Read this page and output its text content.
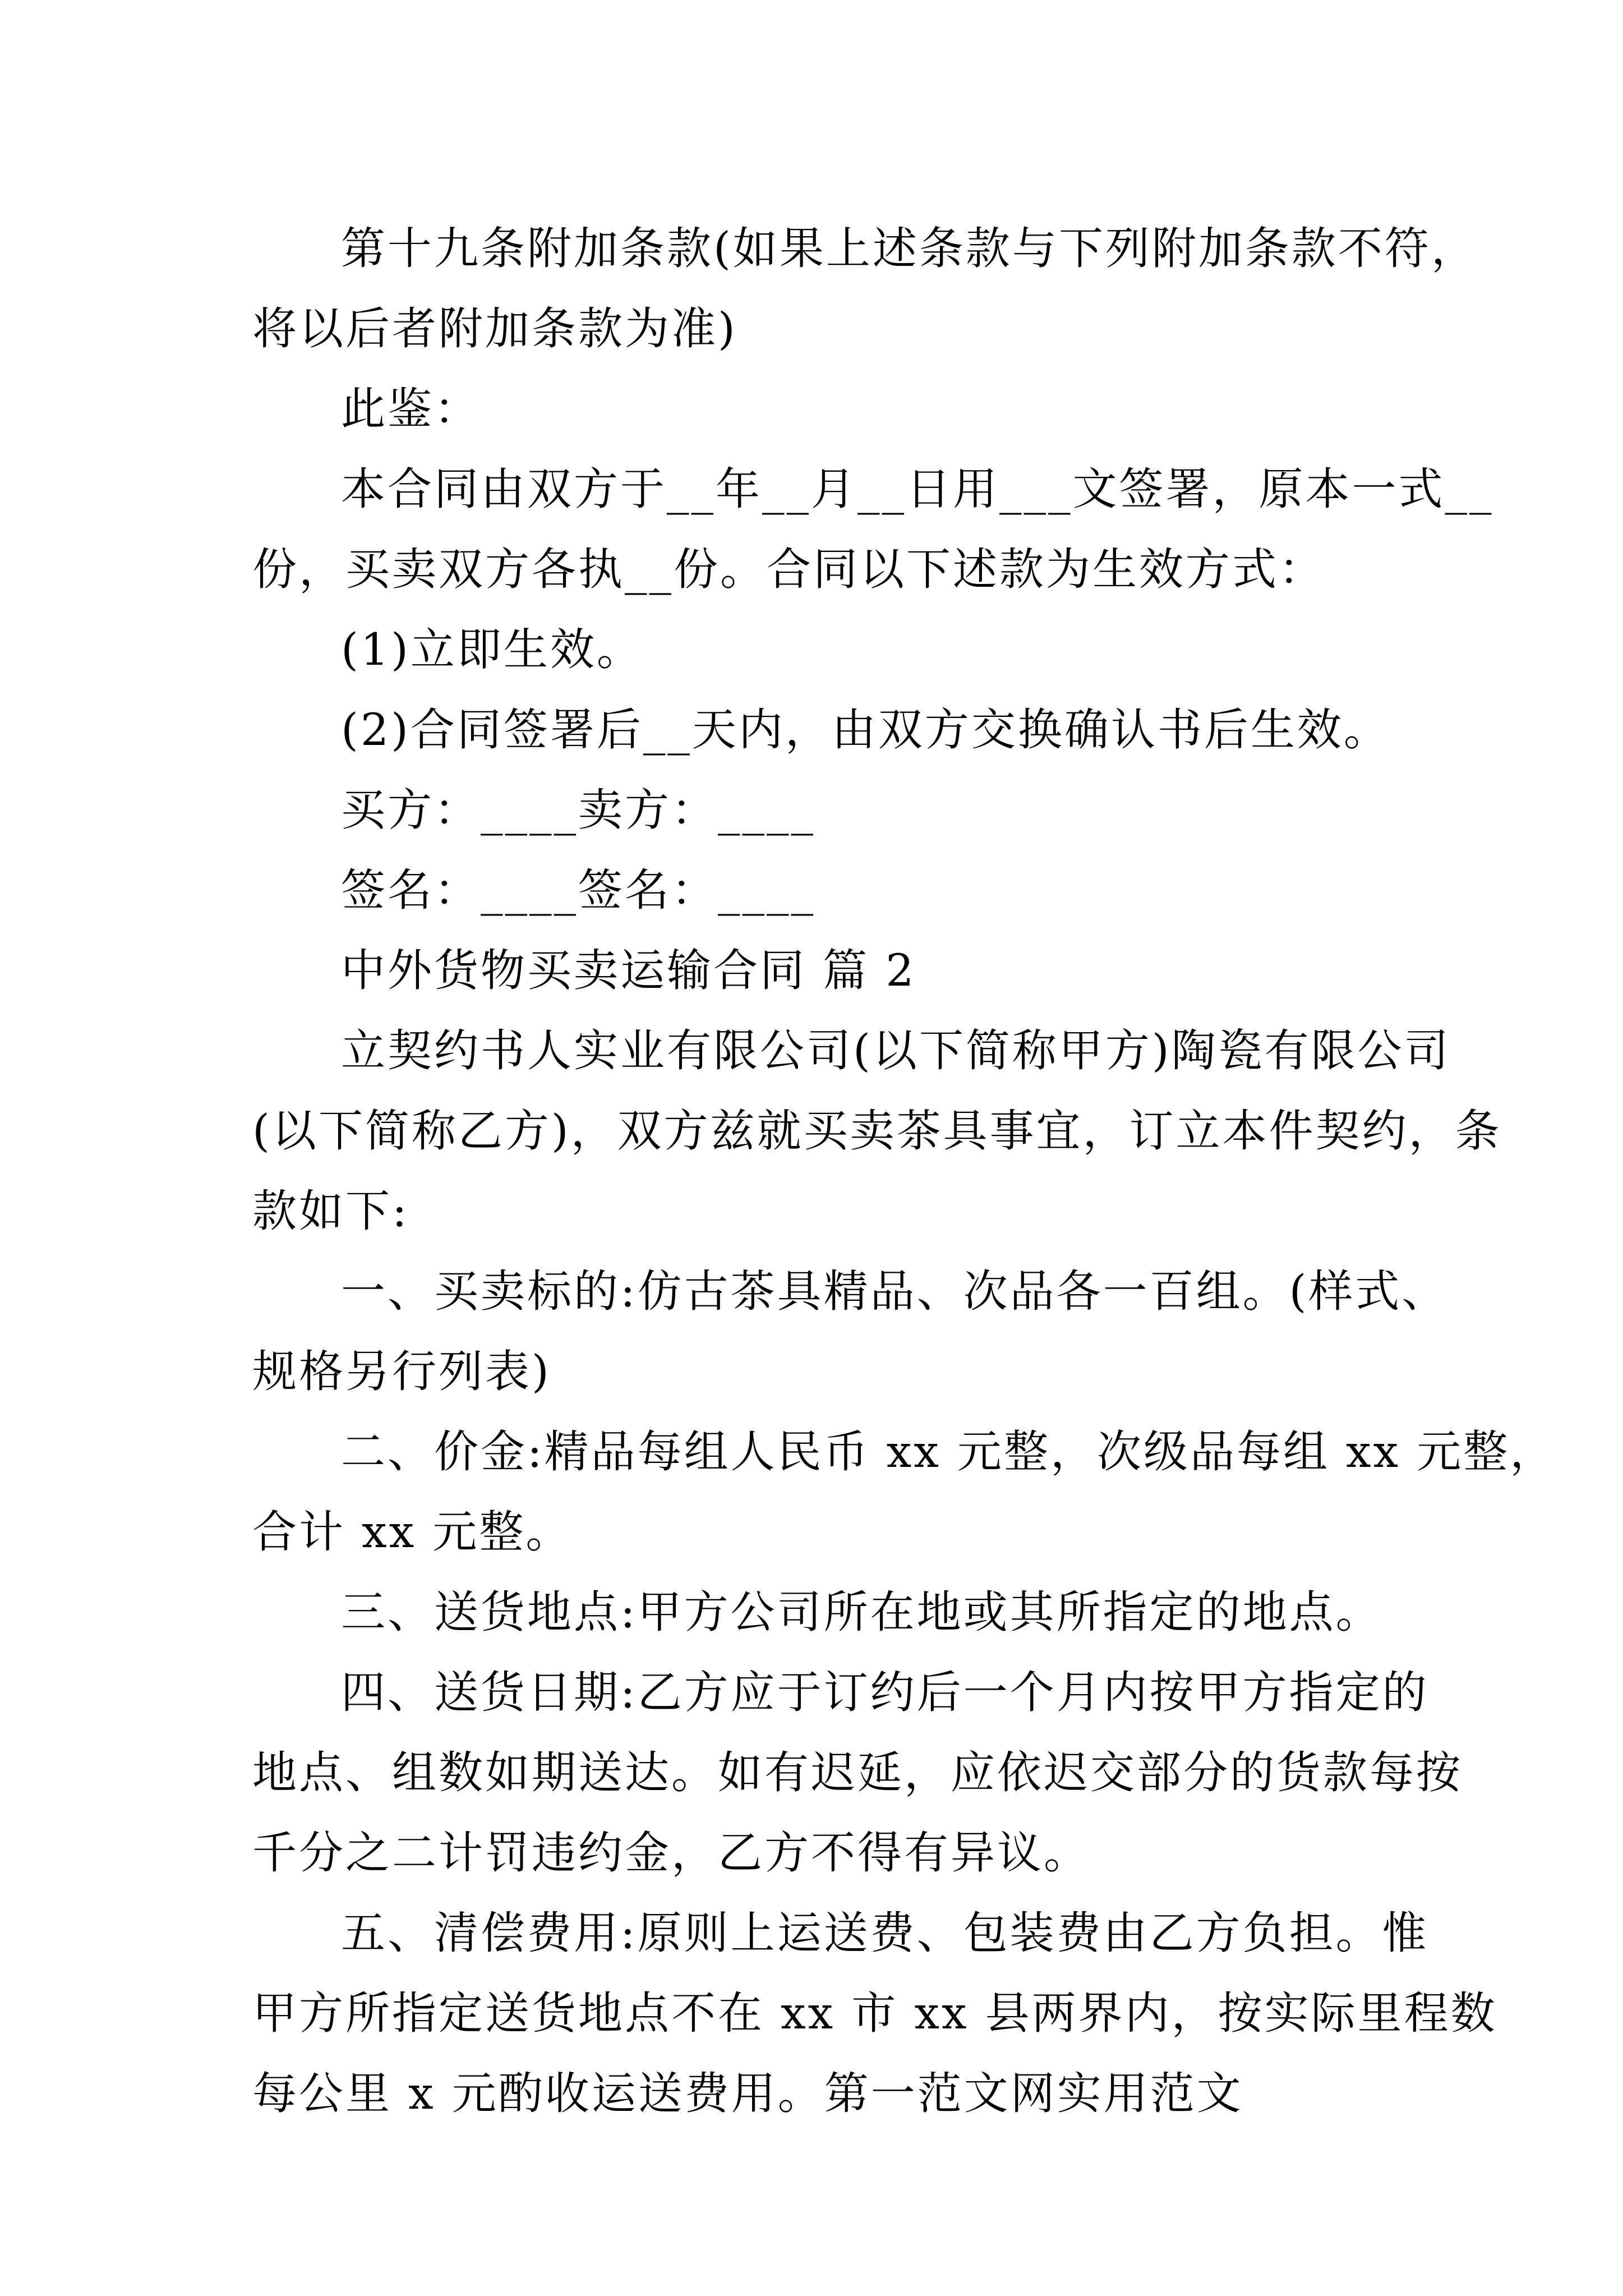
第十九条附加条款(如果上述条款与下列附加条款不符，

将以后者附加条款为准)

此鉴：

本合同由双方于__年__月__日用___文签署，原本一式__

份，买卖双方各执__份。合同以下述款为生效方式：

(1)立即生效。

(2)合同签署后__天内，由双方交换确认书后生效。

买方：____卖方：____

签名：____签名：____

中外货物买卖运输合同 篇 2

立契约书人实业有限公司(以下简称甲方)陶瓷有限公司

(以下简称乙方)，双方兹就买卖茶具事宜，订立本件契约，条

款如下:

一、买卖标的:仿古茶具精品、次品各一百组。(样式、

规格另行列表)

二、价金:精品每组人民币 xx 元整，次级品每组 xx 元整，

合计 xx 元整。

三、送货地点:甲方公司所在地或其所指定的地点。

四、送货日期:乙方应于订约后一个月内按甲方指定的

地点、组数如期送达。如有迟延，应依迟交部分的货款每按

千分之二计罚违约金，乙方不得有异议。

五、清偿费用:原则上运送费、包装费由乙方负担。惟

甲方所指定送货地点不在 xx 市 xx 县两界内，按实际里程数

每公里 x 元酌收运送费用。第一范文网实用范文
